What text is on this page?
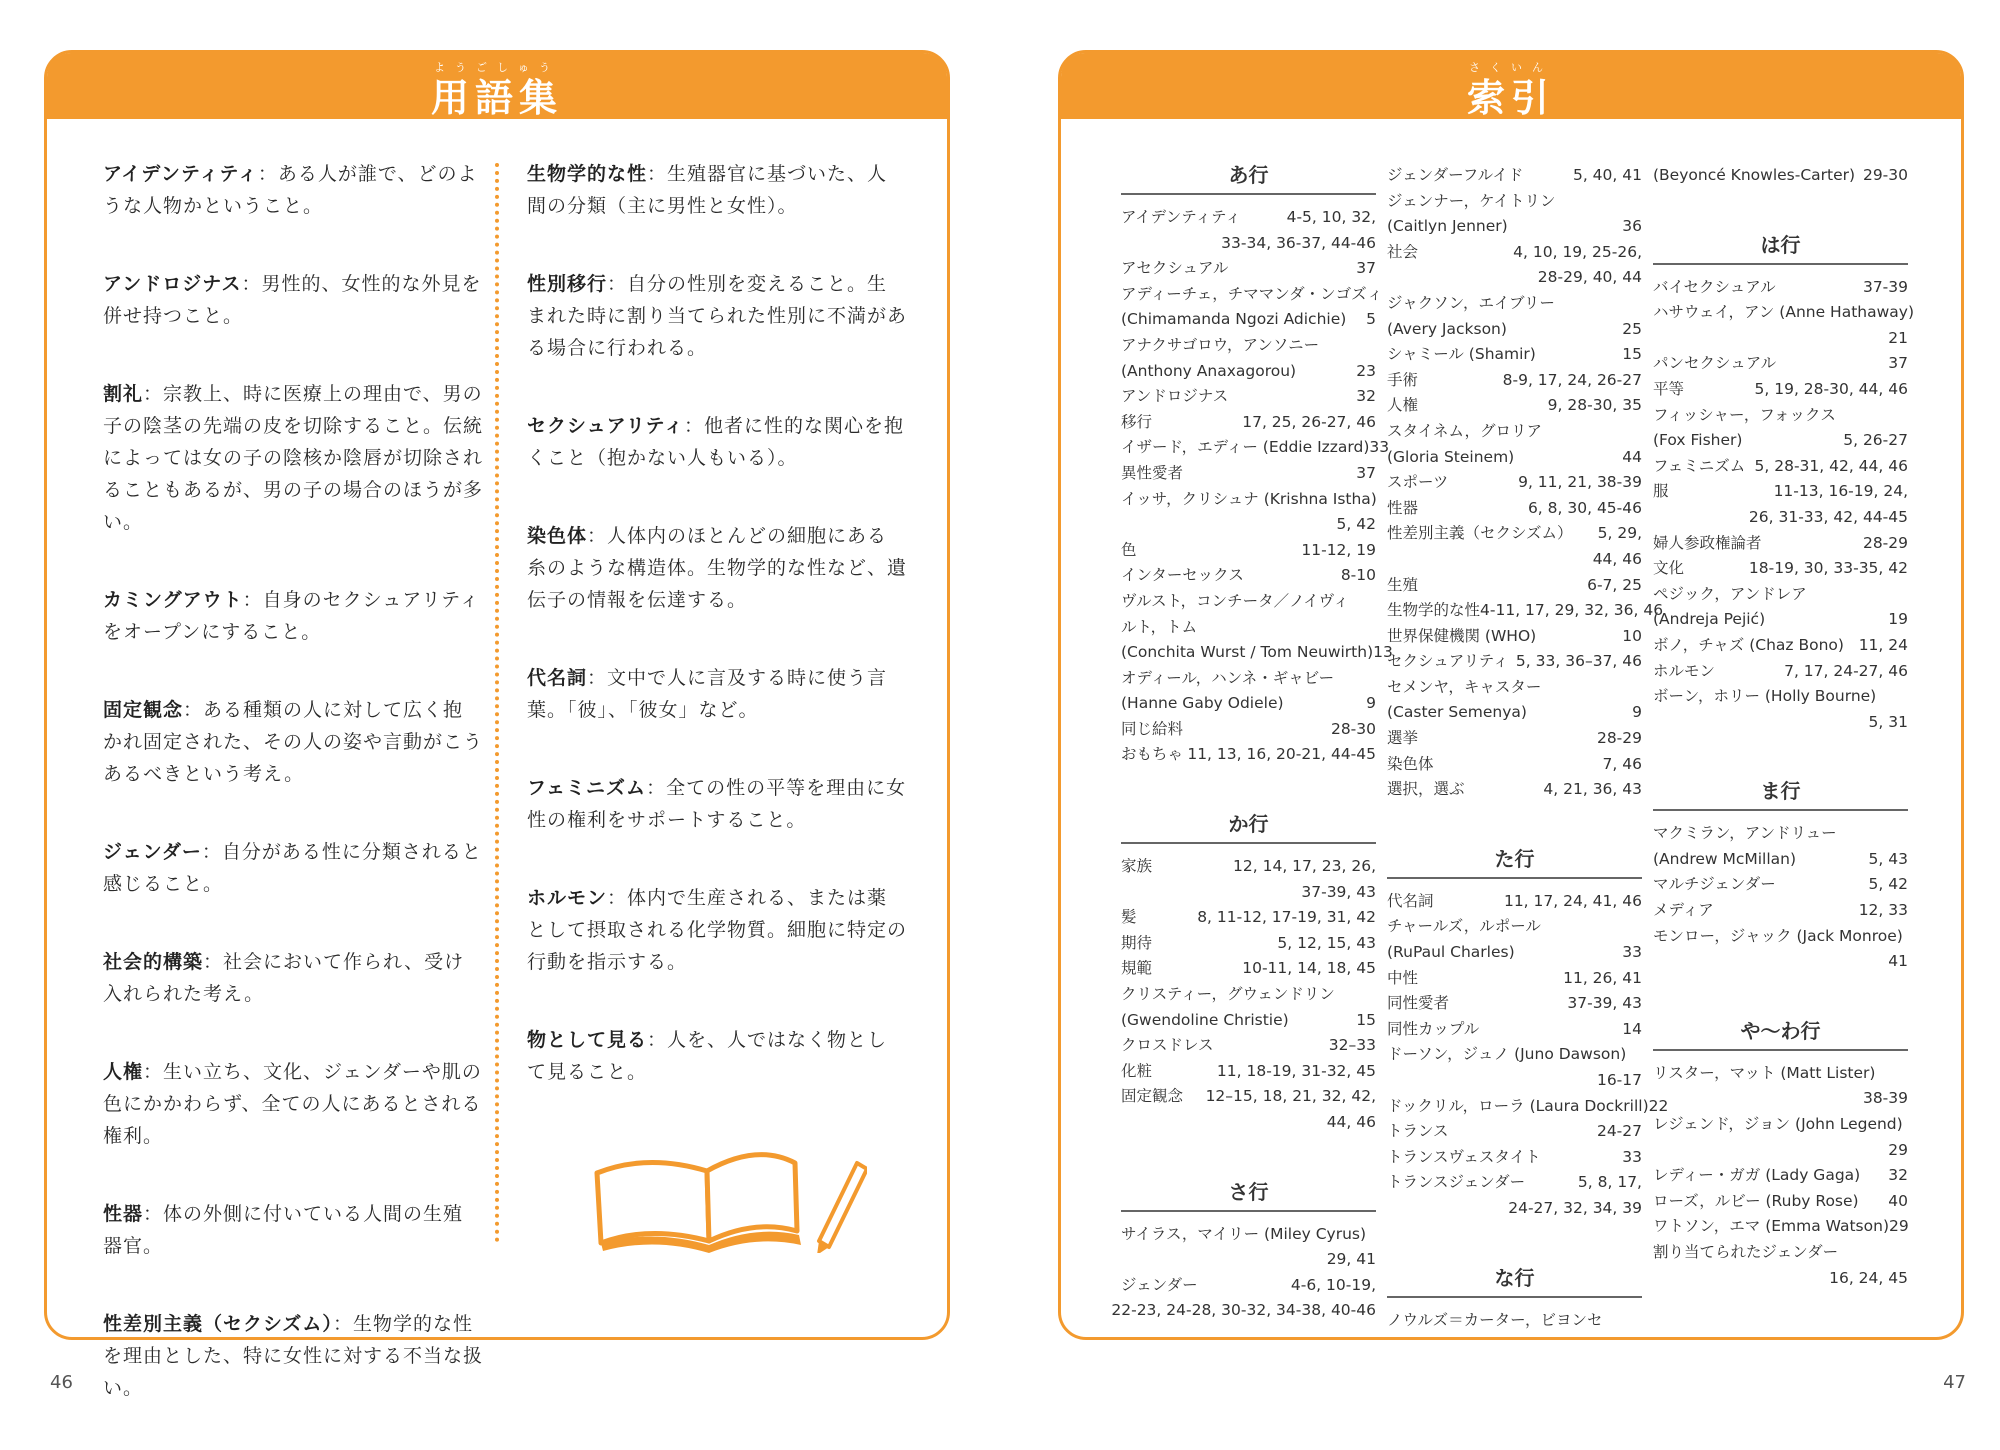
ようごしゅう
用語集
アイデンティティ：ある人が誰で、どのような人物かということ。
アンドロジナス：男性的、女性的な外見を併せ持つこと。
割礼：宗教上、時に医療上の理由で、男の子の陰茎の先端の皮を切除すること。伝統によっては女の子の陰核か陰唇が切除されることもあるが、男の子の場合のほうが多い。
カミングアウト：自身のセクシュアリティをオープンにすること。
固定観念：ある種類の人に対して広く抱かれ固定された、その人の姿や言動がこうあるべきという考え。
ジェンダー：自分がある性に分類されると感じること。
社会的構築：社会において作られ、受け入れられた考え。
人権：生い立ち、文化、ジェンダーや肌の色にかかわらず、全ての人にあるとされる権利。
性器：体の外側に付いている人間の生殖器官。
性差別主義（セクシズム）：生物学的な性を理由とした、特に女性に対する不当な扱い。
生物学的な性：生殖器官に基づいた、人間の分類（主に男性と女性）。
性別移行：自分の性別を変えること。生まれた時に割り当てられた性別に不満がある場合に行われる。
セクシュアリティ：他者に性的な関心を抱くこと（抱かない人もいる）。
染色体：人体内のほとんどの細胞にある糸のような構造体。生物学的な性など、遺伝子の情報を伝達する。
代名詞：文中で人に言及する時に使う言葉。「彼」、「彼女」など。
フェミニズム：全ての性の平等を理由に女性の権利をサポートすること。
ホルモン：体内で生産される、または薬として摂取される化学物質。細胞に特定の行動を指示する。
物として見る：人を、人ではなく物として見ること。
46
さくいん
索引
あ行
アイデンティティ	4-5, 10, 32,
33-34, 36-37, 44-46
アセクシュアル	37
アディーチェ，チママンダ・ンゴズィ
(Chimamanda Ngozi Adichie) 5
アナクサゴロウ，アンソニー
(Anthony Anaxagorou)	23
アンドロジナス	32
移行	17, 25, 26-27, 46
イザード，エディー (Eddie Izzard) 33
異性愛者	37
イッサ，クリシュナ (Krishna Istha)
5, 42
色	11-12, 19
インターセックス	8-10
ヴルスト，コンチータ／ノイヴィ
ルト，トム
(Conchita Wurst / Tom Neuwirth) 13
オディール，ハンネ・ギャビー
(Hanne Gaby Odiele)	9
同じ給料	28-30
おもちゃ 11, 13, 16, 20-21, 44-45
か行
家族	12, 14, 17, 23, 26,
37-39, 43
髪	8, 11-12, 17-19, 31, 42
期待	5, 12, 15, 43
規範	10-11, 14, 18, 45
クリスティー，グウェンドリン
(Gwendoline Christie)	15
クロスドレス	32–33
化粧	11, 18-19, 31-32, 45
固定観念 12–15, 18, 21, 32, 42,
44, 46
さ行
サイラス，マイリー (Miley Cyrus)
29, 41
ジェンダー	4-6, 10-19,
22-23, 24-28, 30-32, 34-38, 40-46
ジェンダーフルイド	5, 40, 41
ジェンナー，ケイトリン
(Caitlyn Jenner)	36
社会	4, 10, 19, 25-26,
28-29, 40, 44
ジャクソン，エイブリー
(Avery Jackson)	25
シャミール (Shamir)	15
手術	8-9, 17, 24, 26-27
人権	9, 28-30, 35
スタイネム，グロリア
(Gloria Steinem)	44
スポーツ	9, 11, 21, 38-39
性器	6, 8, 30, 45-46
性差別主義（セクシズム） 5, 29,
44, 46
生殖	6-7, 25
生物学的な性 4-11, 17, 29, 32, 36, 46
世界保健機関 (WHO)	10
セクシュアリティ 5, 33, 36–37, 46
セメンヤ，キャスター
(Caster Semenya)	9
選挙	28-29
染色体	7, 46
選択，選ぶ	4, 21, 36, 43
た行
代名詞	11, 17, 24, 41, 46
チャールズ，ルポール
(RuPaul Charles)	33
中性	11, 26, 41
同性愛者	37-39, 43
同性カップル	14
ドーソン，ジュノ (Juno Dawson)
16-17
ドックリル，ローラ (Laura Dockrill) 22
トランス	24-27
トランスヴェスタイト	33
トランスジェンダー	5, 8, 17,
24-27, 32, 34, 39
な行
ノウルズ＝カーター，ビヨンセ
(Beyoncé Knowles-Carter) 29-30
は行
バイセクシュアル	37-39
ハサウェイ，アン (Anne Hathaway)
21
パンセクシュアル	37
平等	5, 19, 28-30, 44, 46
フィッシャー，フォックス
(Fox Fisher)	5, 26-27
フェミニズム 5, 28-31, 42, 44, 46
服	11-13, 16-19, 24,
26, 31-33, 42, 44-45
婦人参政権論者	28-29
文化	18-19, 30, 33-35, 42
ペジック，アンドレア
(Andreja Pejić)	19
ボノ，チャズ (Chaz Bono) 11, 24
ホルモン	7, 17, 24-27, 46
ボーン，ホリー (Holly Bourne)
5, 31
ま行
マクミラン，アンドリュー
(Andrew McMillan)	5, 43
マルチジェンダー	5, 42
メディア	12, 33
モンロー，ジャック (Jack Monroe)
41
や〜わ行
リスター，マット (Matt Lister)
38-39
レジェンド，ジョン (John Legend)
29
レディー・ガガ (Lady Gaga) 32
ローズ，ルビー (Ruby Rose) 40
ワトソン，エマ (Emma Watson) 29
割り当てられたジェンダー
16, 24, 45
47
